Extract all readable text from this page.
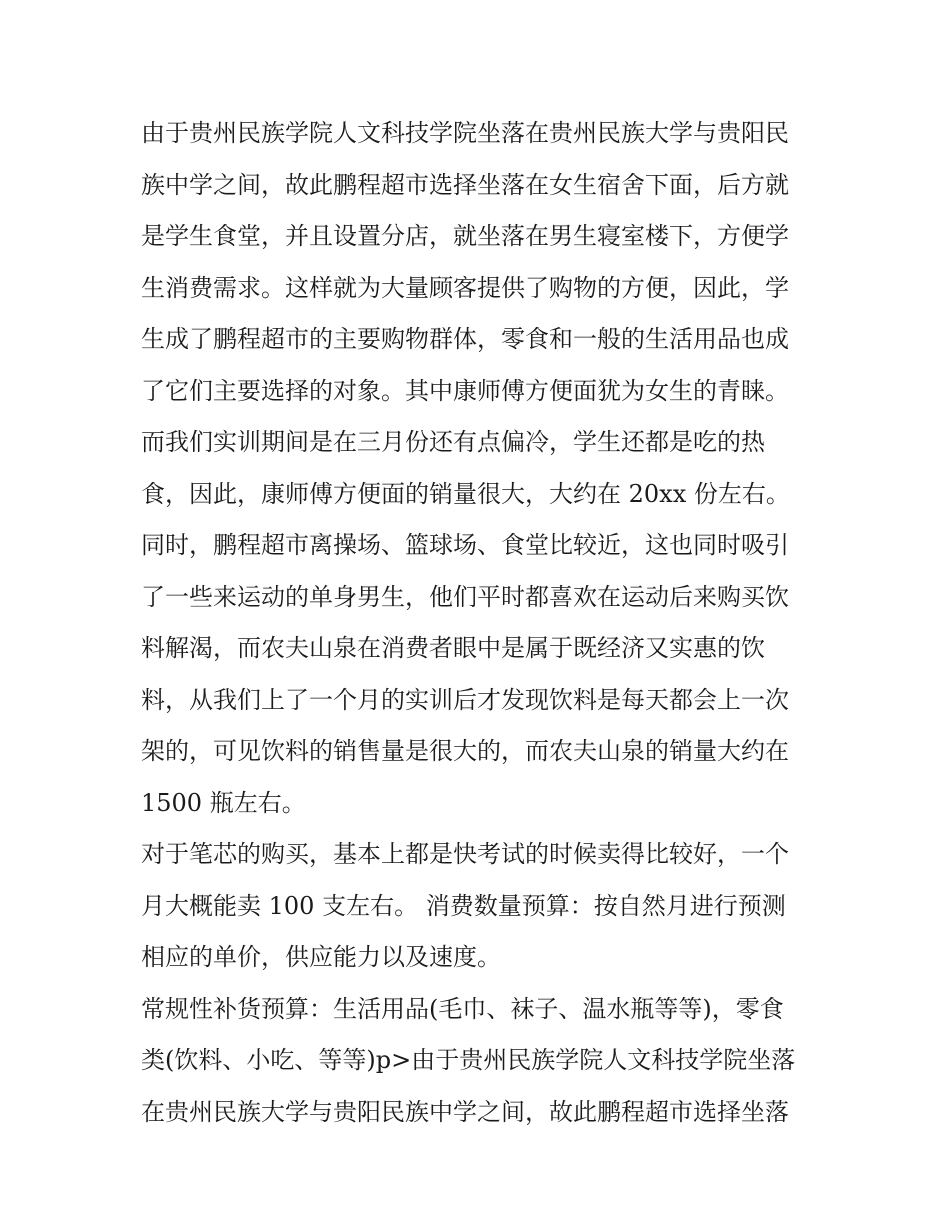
由于贵州民族学院人文科技学院坐落在贵州民族大学与贵阳民
族中学之间，故此鹏程超市选择坐落在女生宿舍下面，后方就
是学生食堂，并且设置分店，就坐落在男生寝室楼下，方便学
生消费需求。这样就为大量顾客提供了购物的方便，因此，学
生成了鹏程超市的主要购物群体，零食和一般的生活用品也成
了它们主要选择的对象。其中康师傅方便面犹为女生的青睐。
而我们实训期间是在三月份还有点偏冷，学生还都是吃的热
食，因此，康师傅方便面的销量很大，大约在 20xx 份左右。
同时，鹏程超市离操场、篮球场、食堂比较近，这也同时吸引
了一些来运动的单身男生，他们平时都喜欢在运动后来购买饮
料解渴，而农夫山泉在消费者眼中是属于既经济又实惠的饮
料，从我们上了一个月的实训后才发现饮料是每天都会上一次
架的，可见饮料的销售量是很大的，而农夫山泉的销量大约在
1500 瓶左右。
对于笔芯的购买，基本上都是快考试的时候卖得比较好，一个
月大概能卖 100 支左右。 消费数量预算：按自然月进行预测
相应的单价，供应能力以及速度。
常规性补货预算：生活用品(毛巾、袜子、温水瓶等等)，零食
类(饮料、小吃、等等)p>由于贵州民族学院人文科技学院坐落
在贵州民族大学与贵阳民族中学之间，故此鹏程超市选择坐落
